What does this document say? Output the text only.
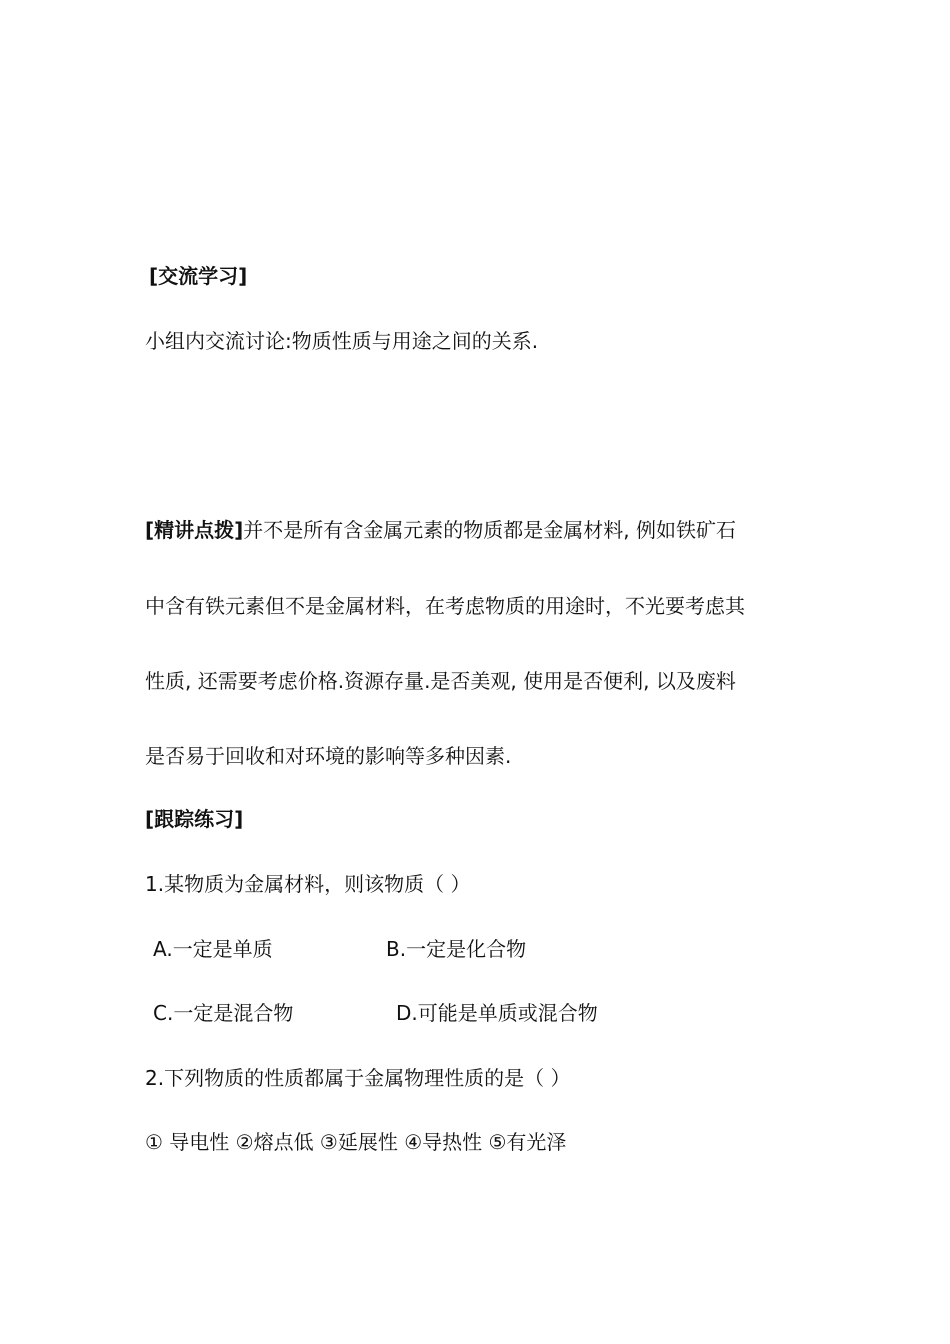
[交流学习]
小组内交流讨论:物质性质与用途之间的关系.
[精讲点拨]并不是所有含金属元素的物质都是金属材料, 例如铁矿石
中含有铁元素但不是金属材料，在考虑物质的用途时，不光要考虑其
性质, 还需要考虑价格.资源存量.是否美观, 使用是否便利, 以及废料
是否易于回收和对环境的影响等多种因素.
[跟踪练习]
1.某物质为金属材料，则该物质（ ）
A.一定是单质	B.一定是化合物
C.一定是混合物	D.可能是单质或混合物
2.下列物质的性质都属于金属物理性质的是（ ）
① 导电性 ②熔点低 ③延展性 ④导热性 ⑤有光泽
